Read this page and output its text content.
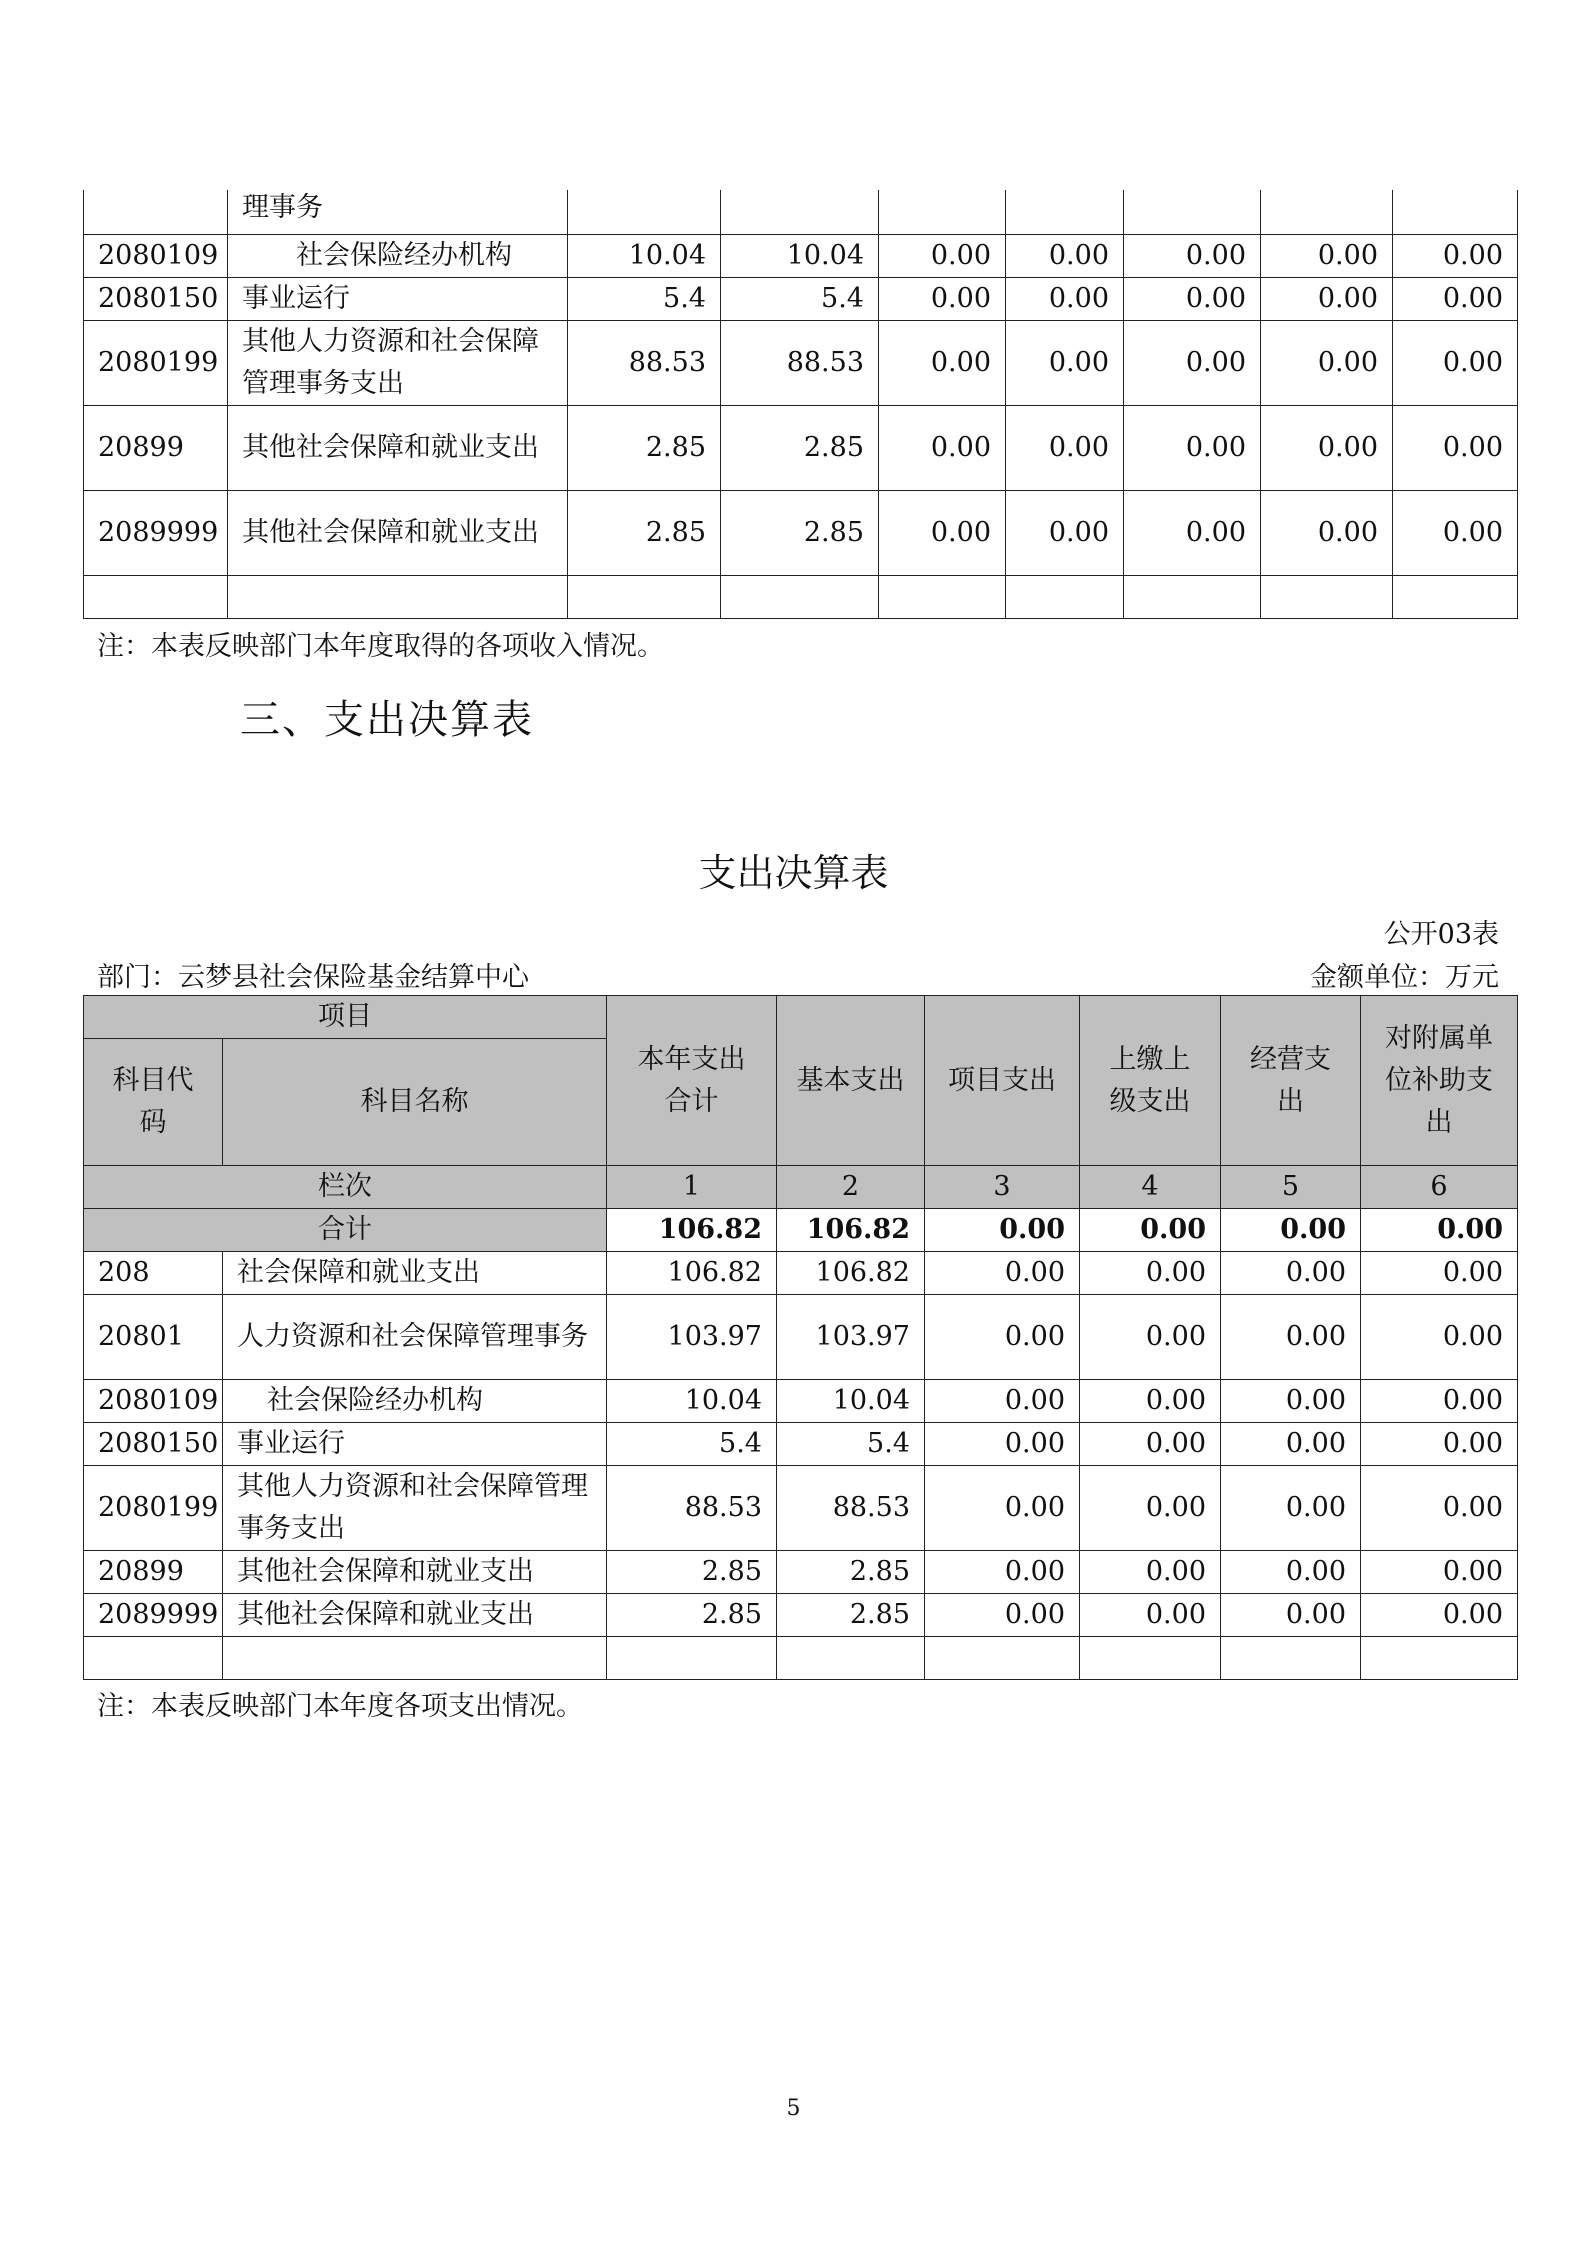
	理事务							
2080109	社会保险经办机构	10.04	10.04	0.00	0.00	0.00	0.00	0.00
2080150	事业运行	5.4	5.4	0.00	0.00	0.00	0.00	0.00
2080199	其他人力资源和社会保障管理事务支出	88.53	88.53	0.00	0.00	0.00	0.00	0.00
20899	其他社会保障和就业支出	2.85	2.85	0.00	0.00	0.00	0.00	0.00
2089999	其他社会保障和就业支出	2.85	2.85	0.00	0.00	0.00	0.00	0.00

注：本表反映部门本年度取得的各项收入情况。
三、支出决算表
支出决算表
公开03表
部门：云梦县社会保险基金结算中心	金额单位：万元
项目		本年支出合计	基本支出	项目支出	上缴上级支出	经营支出	对附属单位补助支出
科目代码	科目名称						
栏次		1	2	3	4	5	6
合计		106.82	106.82	0.00	0.00	0.00	0.00
208	社会保障和就业支出	106.82	106.82	0.00	0.00	0.00	0.00
20801	人力资源和社会保障管理事务	103.97	103.97	0.00	0.00	0.00	0.00
2080109	社会保险经办机构	10.04	10.04	0.00	0.00	0.00	0.00
2080150	事业运行	5.4	5.4	0.00	0.00	0.00	0.00
2080199	其他人力资源和社会保障管理事务支出	88.53	88.53	0.00	0.00	0.00	0.00
20899	其他社会保障和就业支出	2.85	2.85	0.00	0.00	0.00	0.00
2089999	其他社会保障和就业支出	2.85	2.85	0.00	0.00	0.00	0.00

注：本表反映部门本年度各项支出情况。
5
